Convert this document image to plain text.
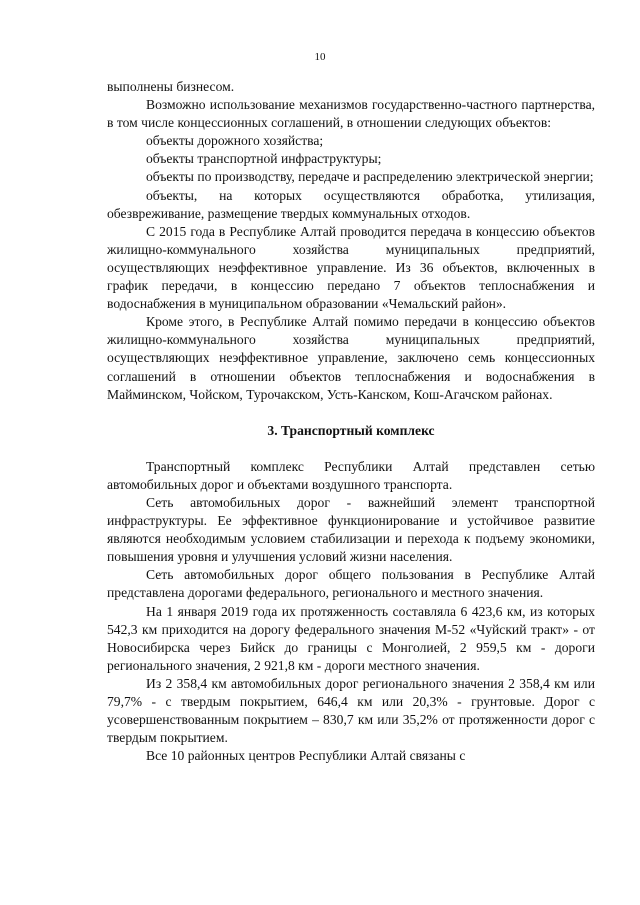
10

выполнены бизнесом.

Возможно использование механизмов государственно-частного партнерства, в том числе концессионных соглашений, в отношении следующих объектов:

объекты дорожного хозяйства;

объекты транспортной инфраструктуры;

объекты по производству, передаче и распределению электрической энергии;

объекты, на которых осуществляются обработка, утилизация, обезвреживание, размещение твердых коммунальных отходов.

С 2015 года в Республике Алтай проводится передача в концессию объектов жилищно-коммунального хозяйства муниципальных предприятий, осуществляющих неэффективное управление. Из 36 объектов, включенных в график передачи, в концессию передано 7 объектов теплоснабжения и водоснабжения в муниципальном образовании «Чемальский район».

Кроме этого, в Республике Алтай помимо передачи в концессию объектов жилищно-коммунального хозяйства муниципальных предприятий, осуществляющих неэффективное управление, заключено семь концессионных соглашений в отношении объектов теплоснабжения и водоснабжения в Майминском, Чойском, Турочакском, Усть-Канском, Кош-Агачском районах.

3. Транспортный комплекс

Транспортный комплекс Республики Алтай представлен сетью автомобильных дорог и объектами воздушного транспорта.

Сеть автомобильных дорог - важнейший элемент транспортной инфраструктуры. Ее эффективное функционирование и устойчивое развитие являются необходимым условием стабилизации и перехода к подъему экономики, повышения уровня и улучшения условий жизни населения.

Сеть автомобильных дорог общего пользования в Республике Алтай представлена дорогами федерального, регионального и местного значения.

На 1 января 2019 года их протяженность составляла 6 423,6 км, из которых 542,3 км приходится на дорогу федерального значения М-52 «Чуйский тракт» - от Новосибирска через Бийск до границы с Монголией, 2 959,5 км - дороги регионального значения, 2 921,8 км - дороги местного значения.

Из 2 358,4 км автомобильных дорог регионального значения 2 358,4 км или 79,7% - с твердым покрытием, 646,4 км или 20,3% - грунтовые. Дорог с усовершенствованным покрытием – 830,7 км или 35,2% от протяженности дорог с твердым покрытием.

Все 10 районных центров Республики Алтай связаны с
